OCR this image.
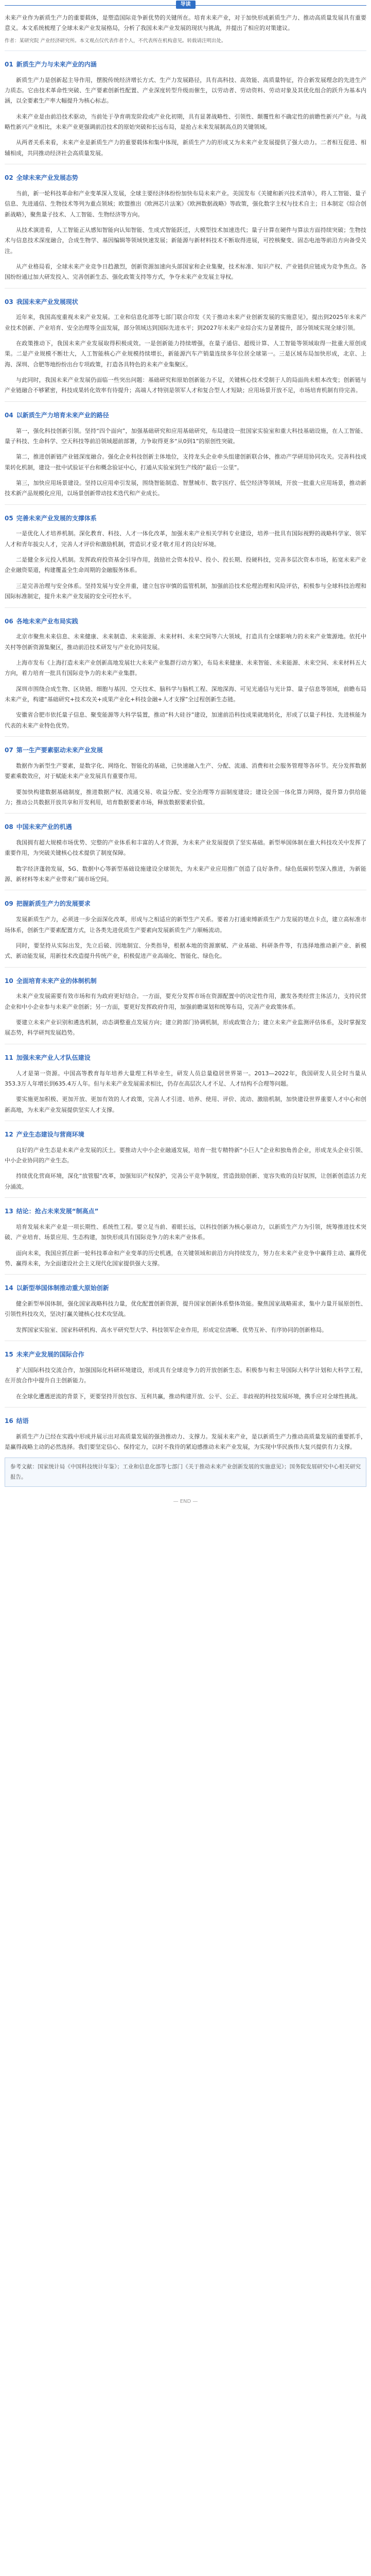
导读

未来产业作为新质生产力的重要载体，是塑造国际竞争新优势的关键所在。培育未来产业，对于加快形成新质生产力、推动高质量发展具有重要意义。本文系统梳理了全球未来产业发展格局，分析了我国未来产业发展的现状与挑战，并提出了相应的对策建议。

作者：某研究院 产业经济研究所。本文观点仅代表作者个人，不代表所在机构意见。转载请注明出处。

01 新质生产力与未来产业的内涵

新质生产力是创新起主导作用，摆脱传统经济增长方式、生产力发展路径，具有高科技、高效能、高质量特征，符合新发展理念的先进生产力质态。它由技术革命性突破、生产要素创新性配置、产业深度转型升级而催生，以劳动者、劳动资料、劳动对象及其优化组合的跃升为基本内涵，以全要素生产率大幅提升为核心标志。

未来产业是由前沿技术驱动，当前处于孕育萌发阶段或产业化初期，具有显著战略性、引领性、颠覆性和不确定性的前瞻性新兴产业。与战略性新兴产业相比，未来产业更强调前沿技术的原始突破和长远布局，是抢占未来发展制高点的关键领域。

从两者关系来看，未来产业是新质生产力的重要载体和集中体现，新质生产力的形成又为未来产业发展提供了强大动力。二者相互促进、相辅相成，共同推动经济社会高质量发展。

02 全球未来产业发展态势

当前，新一轮科技革命和产业变革深入发展，全球主要经济体纷纷加快布局未来产业。美国发布《关键和新兴技术清单》，将人工智能、量子信息、先进通信、生物技术等列为重点领域；欧盟推出《欧洲芯片法案》《欧洲数据战略》等政策，强化数字主权与技术自主；日本制定《综合创新战略》，聚焦量子技术、人工智能、生物经济等方向。

从技术演进看，人工智能正从感知智能向认知智能、生成式智能跃迁，大模型技术加速迭代；量子计算在硬件与算法方面持续突破；生物技术与信息技术深度融合，合成生物学、基因编辑等领域快速发展；新能源与新材料技术不断取得进展，可控核聚变、固态电池等前沿方向备受关注。

从产业格局看，全球未来产业竞争日趋激烈，创新资源加速向头部国家和企业集聚，技术标准、知识产权、产业链供应链成为竞争焦点。各国纷纷通过加大研发投入、完善创新生态、强化政策支持等方式，争夺未来产业发展主导权。

03 我国未来产业发展现状

近年来，我国高度重视未来产业发展。工业和信息化部等七部门联合印发《关于推动未来产业创新发展的实施意见》，提出到2025年未来产业技术创新、产业培育、安全治理等全面发展，部分领域达到国际先进水平；到2027年未来产业综合实力显著提升，部分领域实现全球引领。

在政策推动下，我国未来产业发展取得积极成效。一是创新能力持续增强，在量子通信、超级计算、人工智能等领域取得一批重大原创成果。二是产业规模不断壮大，人工智能核心产业规模持续增长，新能源汽车产销量连续多年位居全球第一。三是区域布局加快形成，北京、上海、深圳、合肥等地纷纷出台专项政策，打造各具特色的未来产业集聚区。

与此同时，我国未来产业发展仍面临一些突出问题：基础研究和原始创新能力不足，关键核心技术受制于人的局面尚未根本改变；创新链与产业链融合不够紧密，科技成果转化效率有待提升；高端人才特别是领军人才和复合型人才短缺；应用场景开放不足，市场培育机制有待完善。

04 以新质生产力培育未来产业的路径

第一，强化科技创新引领。坚持“四个面向”，加强基础研究和应用基础研究，布局建设一批国家实验室和重大科技基础设施，在人工智能、量子科技、生命科学、空天科技等前沿领域超前部署，力争取得更多“从0到1”的原创性突破。

第二，推进创新链产业链深度融合。强化企业科技创新主体地位，支持龙头企业牵头组建创新联合体，推动产学研用协同攻关。完善科技成果转化机制，建设一批中试验证平台和概念验证中心，打通从实验室到生产线的“最后一公里”。

第三，加快应用场景建设。坚持以应用牵引发展，围绕智能制造、智慧城市、数字医疗、低空经济等领域，开放一批重大应用场景，推动新技术新产品规模化应用，以场景创新带动技术迭代和产业成长。

05 完善未来产业发展的支撑体系

一是优化人才培养机制。深化教育、科技、人才一体化改革，加强未来产业相关学科专业建设，培养一批具有国际视野的战略科学家、领军人才和青年拔尖人才，完善人才评价和激励机制，营造识才爱才敬才用才的良好环境。

二是健全多元投入机制。发挥政府投资基金引导作用，鼓励社会资本投早、投小、投长期、投硬科技，完善多层次资本市场，拓宽未来产业企业融资渠道，构建覆盖全生命周期的金融服务体系。

三是完善治理与安全体系。坚持发展与安全并重，建立包容审慎的监管机制，加强前沿技术伦理治理和风险评估，积极参与全球科技治理和国际标准制定，提升未来产业发展的安全可控水平。

06 各地未来产业布局实践

北京市聚焦未来信息、未来健康、未来制造、未来能源、未来材料、未来空间等六大领域，打造具有全球影响力的未来产业策源地。依托中关村等创新资源集聚区，推动前沿技术研发与产业化协同发展。

上海市发布《上海打造未来产业创新高地发展壮大未来产业集群行动方案》，布局未来健康、未来智能、未来能源、未来空间、未来材料五大方向，着力培育一批具有国际竞争力的未来产业集群。

深圳市围绕合成生物、区块链、细胞与基因、空天技术、脑科学与脑机工程、深地深海、可见光通信与光计算、量子信息等领域，前瞻布局未来产业，构建“基础研究+技术攻关+成果产业化+科技金融+人才支撑”全过程创新生态链。

安徽省合肥市依托量子信息、聚变能源等大科学装置，推动“科大硅谷”建设，加速前沿科技成果就地转化，形成了以量子科技、先进核能为代表的未来产业特色优势。

07 第一生产要素驱动未来产业发展

数据作为新型生产要素，是数字化、网络化、智能化的基础，已快速融入生产、分配、流通、消费和社会服务管理等各环节。充分发挥数据要素乘数效应，对于赋能未来产业发展具有重要作用。

要加快构建数据基础制度，推进数据产权、流通交易、收益分配、安全治理等方面制度建设；建设全国一体化算力网络，提升算力供给能力；推动公共数据开放共享和开发利用，培育数据要素市场，释放数据要素价值。

08 中国未来产业的机遇

我国拥有超大规模市场优势、完整的产业体系和丰富的人才资源，为未来产业发展提供了坚实基础。新型举国体制在重大科技攻关中发挥了重要作用，为突破关键核心技术提供了制度保障。

数字经济蓬勃发展，5G、数据中心等新型基础设施建设全球领先，为未来产业应用推广创造了良好条件。绿色低碳转型深入推进，为新能源、新材料等未来产业带来广阔市场空间。

09 把握新质生产力的发展要求

发展新质生产力，必须进一步全面深化改革，形成与之相适应的新型生产关系。要着力打通束缚新质生产力发展的堵点卡点，建立高标准市场体系，创新生产要素配置方式，让各类先进优质生产要素向发展新质生产力顺畅流动。

同时，要坚持从实际出发，先立后破、因地制宜、分类指导，根据本地的资源禀赋、产业基础、科研条件等，有选择地推动新产业、新模式、新动能发展，用新技术改造提升传统产业，积极促进产业高端化、智能化、绿色化。

10 全面培育未来产业的体制机制

未来产业发展需要有效市场和有为政府更好结合。一方面，要充分发挥市场在资源配置中的决定性作用，激发各类经营主体活力，支持民营企业和中小企业参与未来产业创新；另一方面，要更好发挥政府作用，加强前瞻谋划和统筹布局，完善产业政策体系。

要建立未来产业识别和遴选机制，动态调整重点发展方向；建立跨部门协调机制，形成政策合力；建立未来产业监测评估体系，及时掌握发展态势，科学研判发展趋势。

11 加强未来产业人才队伍建设

人才是第一资源。中国高等教育每年培养大量理工科毕业生，研发人员总量稳居世界第一。2013—2022年，我国研发人员全时当量从353.3万人年增长到635.4万人年。但与未来产业发展需求相比，仍存在高层次人才不足、人才结构不合理等问题。

要实施更加积极、更加开放、更加有效的人才政策，完善人才引进、培养、使用、评价、流动、激励机制，加快建设世界重要人才中心和创新高地，为未来产业发展提供坚实人才支撑。

12 产业生态建设与营商环境

良好的产业生态是未来产业发展的沃土。要推动大中小企业融通发展，培育一批专精特新“小巨人”企业和独角兽企业，形成龙头企业引领、中小企业协同的产业生态。

持续优化营商环境，深化“放管服”改革，加强知识产权保护，完善公平竞争制度，营造鼓励创新、宽容失败的良好氛围，让创新创造活力充分涌流。

13 结论：抢占未来发展“制高点”

培育发展未来产业是一项长期性、系统性工程。要立足当前、着眼长远，以科技创新为核心驱动力，以新质生产力为引领，统筹推进技术突破、产业培育、场景应用、生态构建，加快形成具有国际竞争力的未来产业体系。

面向未来，我国应抓住新一轮科技革命和产业变革的历史机遇，在关键领域和前沿方向持续发力，努力在未来产业竞争中赢得主动、赢得优势、赢得未来，为全面建设社会主义现代化国家提供强大支撑。

14 以新型举国体制推动重大原始创新

健全新型举国体制，强化国家战略科技力量，优化配置创新资源，提升国家创新体系整体效能。聚焦国家战略需求，集中力量开展原创性、引领性科技攻关，坚决打赢关键核心技术攻坚战。

发挥国家实验室、国家科研机构、高水平研究型大学、科技领军企业作用，形成定位清晰、优势互补、有序协同的创新格局。

15 未来产业发展的国际合作

扩大国际科技交流合作，加强国际化科研环境建设，形成具有全球竞争力的开放创新生态。积极参与和主导国际大科学计划和大科学工程，在开放合作中提升自主创新能力。

在全球化遭遇逆流的背景下，更要坚持开放包容、互利共赢，推动构建开放、公平、公正、非歧视的科技发展环境，携手应对全球性挑战。

16 结语

新质生产力已经在实践中形成并展示出对高质量发展的强劲推动力、支撑力。发展未来产业，是以新质生产力推动高质量发展的重要抓手，是赢得战略主动的必然选择。我们要坚定信心、保持定力，以时不我待的紧迫感推动未来产业发展，为实现中华民族伟大复兴提供有力支撑。

参考文献：国家统计局《中国科技统计年鉴》；工业和信息化部等七部门《关于推动未来产业创新发展的实施意见》；国务院发展研究中心相关研究报告。
— END —
